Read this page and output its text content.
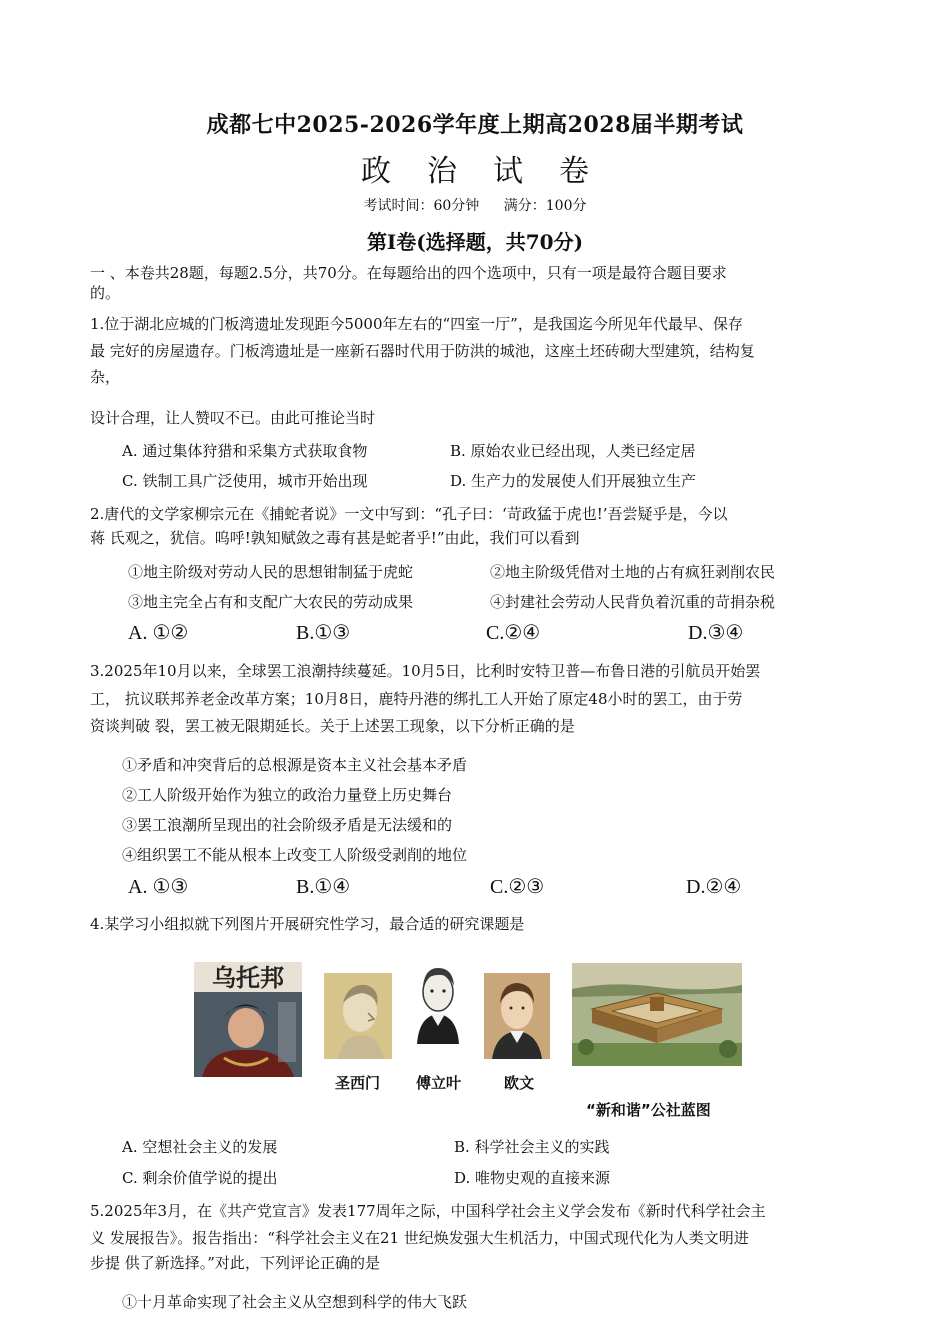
成都七中2025-2026学年度上期高2028届半期考试
政治试卷
考试时间：60分钟 满分：100分
第I卷(选择题，共70分)
一 、本卷共28题，每题2.5分，共70分。在每题给出的四个选项中，只有一项是最符合题目要求
的。
1.位于湖北应城的门板湾遗址发现距今5000年左右的“四室一厅”，是我国迄今所见年代最早、保存
最 完好的房屋遗存。门板湾遗址是一座新石器时代用于防洪的城池，这座土坯砖砌大型建筑，结构复
杂，
设计合理，让人赞叹不已。由此可推论当时
A. 通过集体狩猎和采集方式获取食物	B. 原始农业已经出现，人类已经定居
C. 铁制工具广泛使用，城市开始出现	D. 生产力的发展使人们开展独立生产
2.唐代的文学家柳宗元在《捕蛇者说》一文中写到：“孔子曰：‘苛政猛于虎也!’吾尝疑乎是，今以
蒋 氏观之，犹信。呜呼!孰知赋敛之毒有甚是蛇者乎!”由此，我们可以看到
①地主阶级对劳动人民的思想钳制猛于虎蛇	②地主阶级凭借对土地的占有疯狂剥削农民
③地主完全占有和支配广大农民的劳动成果	④封建社会劳动人民背负着沉重的苛捐杂税
A. ①②	B.①③	C.②④	D.③④
3.2025年10月以来，全球罢工浪潮持续蔓延。10月5日，比利时安特卫普—布鲁日港的引航员开始罢
工， 抗议联邦养老金改革方案；10月8日，鹿特丹港的绑扎工人开始了原定48小时的罢工，由于劳
资谈判破 裂，罢工被无限期延长。关于上述罢工现象，以下分析正确的是
①矛盾和冲突背后的总根源是资本主义社会基本矛盾
②工人阶级开始作为独立的政治力量登上历史舞台
③罢工浪潮所呈现出的社会阶级矛盾是无法缓和的
④组织罢工不能从根本上改变工人阶级受剥削的地位
A. ①③	B.①④	C.②③	D.②④
4.某学习小组拟就下列图片开展研究性学习，最合适的研究课题是
乌托邦
圣西门 傅立叶	欧文
“新和谐”公社蓝图
A. 空想社会主义的发展	B. 科学社会主义的实践
C. 剩余价值学说的提出	D. 唯物史观的直接来源
5.2025年3月，在《共产党宣言》发表177周年之际，中国科学社会主义学会发布《新时代科学社会主
义 发展报告》。报告指出：“科学社会主义在21 世纪焕发强大生机活力，中国式现代化为人类文明进
步提 供了新选择。”对此，下列评论正确的是
①十月革命实现了社会主义从空想到科学的伟大飞跃
